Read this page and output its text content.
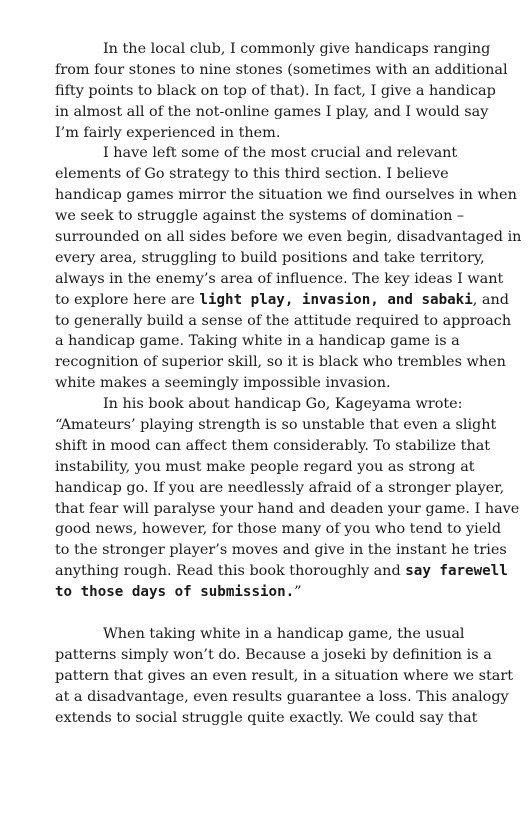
In the local club, I commonly give handicaps ranging
from four stones to nine stones (sometimes with an additional
fifty points to black on top of that). In fact, I give a handicap
in almost all of the not-online games I play, and I would say
I’m fairly experienced in them.
I have left some of the most crucial and relevant
elements of Go strategy to this third section. I believe
handicap games mirror the situation we find ourselves in when
we seek to struggle against the systems of domination –
surrounded on all sides before we even begin, disadvantaged in
every area, struggling to build positions and take territory,
always in the enemy’s area of influence. The key ideas I want
to explore here are light play, invasion, and sabaki, and
to generally build a sense of the attitude required to approach
a handicap game. Taking white in a handicap game is a
recognition of superior skill, so it is black who trembles when
white makes a seemingly impossible invasion.
In his book about handicap Go, Kageyama wrote:
“Amateurs’ playing strength is so unstable that even a slight
shift in mood can affect them considerably. To stabilize that
instability, you must make people regard you as strong at
handicap go. If you are needlessly afraid of a stronger player,
that fear will paralyse your hand and deaden your game. I have
good news, however, for those many of you who tend to yield
to the stronger player’s moves and give in the instant he tries
anything rough. Read this book thoroughly and say farewell
to those days of submission.”
When taking white in a handicap game, the usual
patterns simply won’t do. Because a joseki by definition is a
pattern that gives an even result, in a situation where we start
at a disadvantage, even results guarantee a loss. This analogy
extends to social struggle quite exactly. We could say that
